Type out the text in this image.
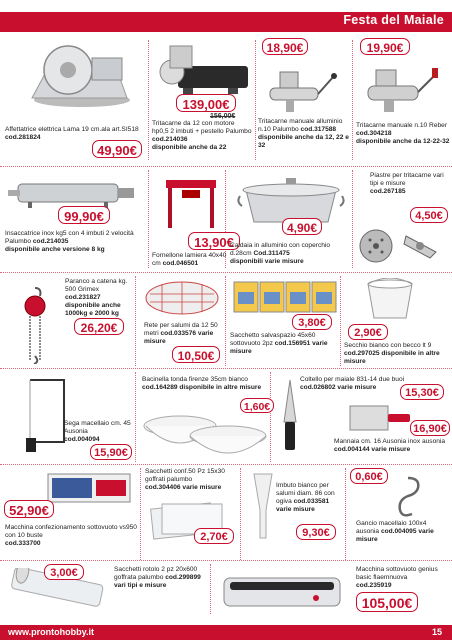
Festa del Maiale
Affettatrice elettrica Lama 19 cm.ala art.SI518 cod.281824
49,90€
139,00€
156,00€
Tritacarne da 12 con motore hp0,5 2 imbuti + pestello Palumbo cod.214036
disponibile anche da 22
18,90€
Tritacarne manuale alluminio n.10 Palumbo cod.317588
disponibile anche da 12, 22 e 32
19,90€
Tritacarne manuale n.10 Reber cod.304218
disponibile anche da 12-22-32
99,90€
Insaccatrice inox kg5 con 4 imbuti 2 velocità Palumbo cod.214035
disponibile anche versione 8 kg	13,90€
Fornellone lamiera 40x40 cm cod.046501
4,90€
Caldaia in alluminio con coperchio d.28cm Cod.311475
disponibili varie misure
Piastre per tritacarne vari tipi e misure
cod.267185
4,50€
Paranco a catena kg. 500 Grimex cod.231827
disponibile anche 1000kg e 2000 kg
26,20€	Rete per salumi da 12 50 metri cod.033576 varie misure
10,50€
3,80€
Sacchetto salvaspazio 45x60 sottovuoto 2pz cod.156951 varie misure
2,90€
Secchio bianco con becco lt 9 cod.297025 disponibile in altre misure
Sega macellaio cm. 45 Ausonia
cod.004094
15,90€
Bacinella tonda firenze 35cm bianco cod.164289 disponibile in altre misure
1,60€
Coltello per maiale 831-14 due buoi
cod.026802 varie misure	15,30€
16,90€
Mannaia cm. 16 Ausonia inox ausonia cod.004144 varie misure
52,90€
Macchina confezionamento sottovuoto vs950 con 10 buste
cod.333700
Sacchetti conf.50 Pz 15x30 goffrati palumbo
cod.304406 varie misure
2,70€
Imbuto bianco per salumi diam. 86 con ogiva cod.033581 varie misure
9,30€
0,60€
Gancio macellaio 100x4 ausonia cod.004095 varie misure
3,00€	Sacchetti rotolo 2 pz 20x600 goffrata palumbo cod.299899
vari tipi e misure
Macchina sottovuoto genius basic flaemnuova
cod.235919
105,00€
www.prontohobby.it	15
